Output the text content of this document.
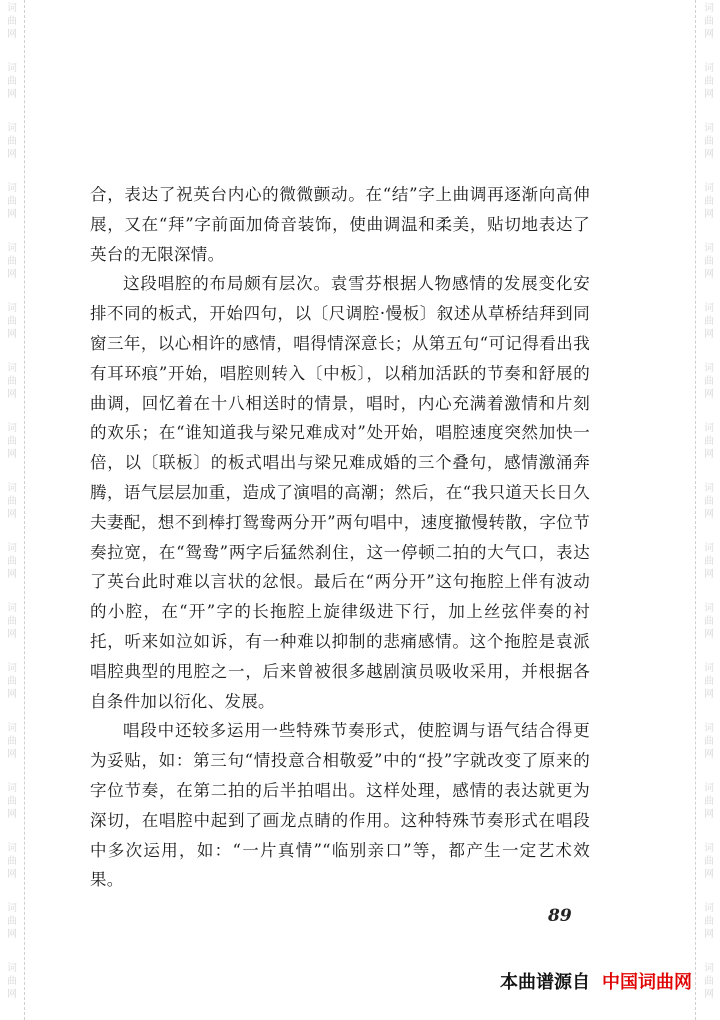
词曲网
词曲网
词曲网
词曲网
词曲网
词曲网
词曲网
词曲网
词曲网
词曲网
词曲网
词曲网
词曲网
词曲网
词曲网
词曲网
词曲网
词曲网
词曲网
词曲网
词曲网
词曲网
词曲网
词曲网
词曲网
词曲网
词曲网
词曲网
词曲网
词曲网
词曲网
词曲网
词曲网
词曲网

合，表达了祝英台内心的微微颤动。在“结”字上曲调再逐渐向高伸展，又在“拜”字前面加倚音装饰，使曲调温和柔美，贴切地表达了英台的无限深情。

这段唱腔的布局颇有层次。袁雪芬根据人物感情的发展变化安排不同的板式，开始四句，以〔尺调腔·慢板〕叙述从草桥结拜到同窗三年，以心相许的感情，唱得情深意长；从第五句“可记得看出我有耳环痕”开始，唱腔则转入〔中板〕，以稍加活跃的节奏和舒展的曲调，回忆着在十八相送时的情景，唱时，内心充满着激情和片刻的欢乐；在“谁知道我与梁兄难成对”处开始，唱腔速度突然加快一倍，以〔联板〕的板式唱出与梁兄难成婚的三个叠句，感情激涌奔腾，语气层层加重，造成了演唱的高潮；然后，在“我只道天长日久夫妻配，想不到棒打鸳鸯两分开”两句唱中，速度撤慢转散，字位节奏拉宽，在“鸳鸯”两字后猛然刹住，这一停顿二拍的大气口，表达了英台此时难以言状的忿恨。最后在“两分开”这句拖腔上伴有波动的小腔，在“开”字的长拖腔上旋律级进下行，加上丝弦伴奏的衬托，听来如泣如诉，有一种难以抑制的悲痛感情。这个拖腔是袁派唱腔典型的甩腔之一，后来曾被很多越剧演员吸收采用，并根据各自条件加以衍化、发展。

唱段中还较多运用一些特殊节奏形式，使腔调与语气结合得更为妥贴，如：第三句“情投意合相敬爱”中的“投”字就改变了原来的字位节奏，在第二拍的后半拍唱出。这样处理，感情的表达就更为深切，在唱腔中起到了画龙点睛的作用。这种特殊节奏形式在唱段中多次运用，如：“一片真情”“临别亲口”等，都产生一定艺术效果。

89
本曲谱源自 中国词曲网
